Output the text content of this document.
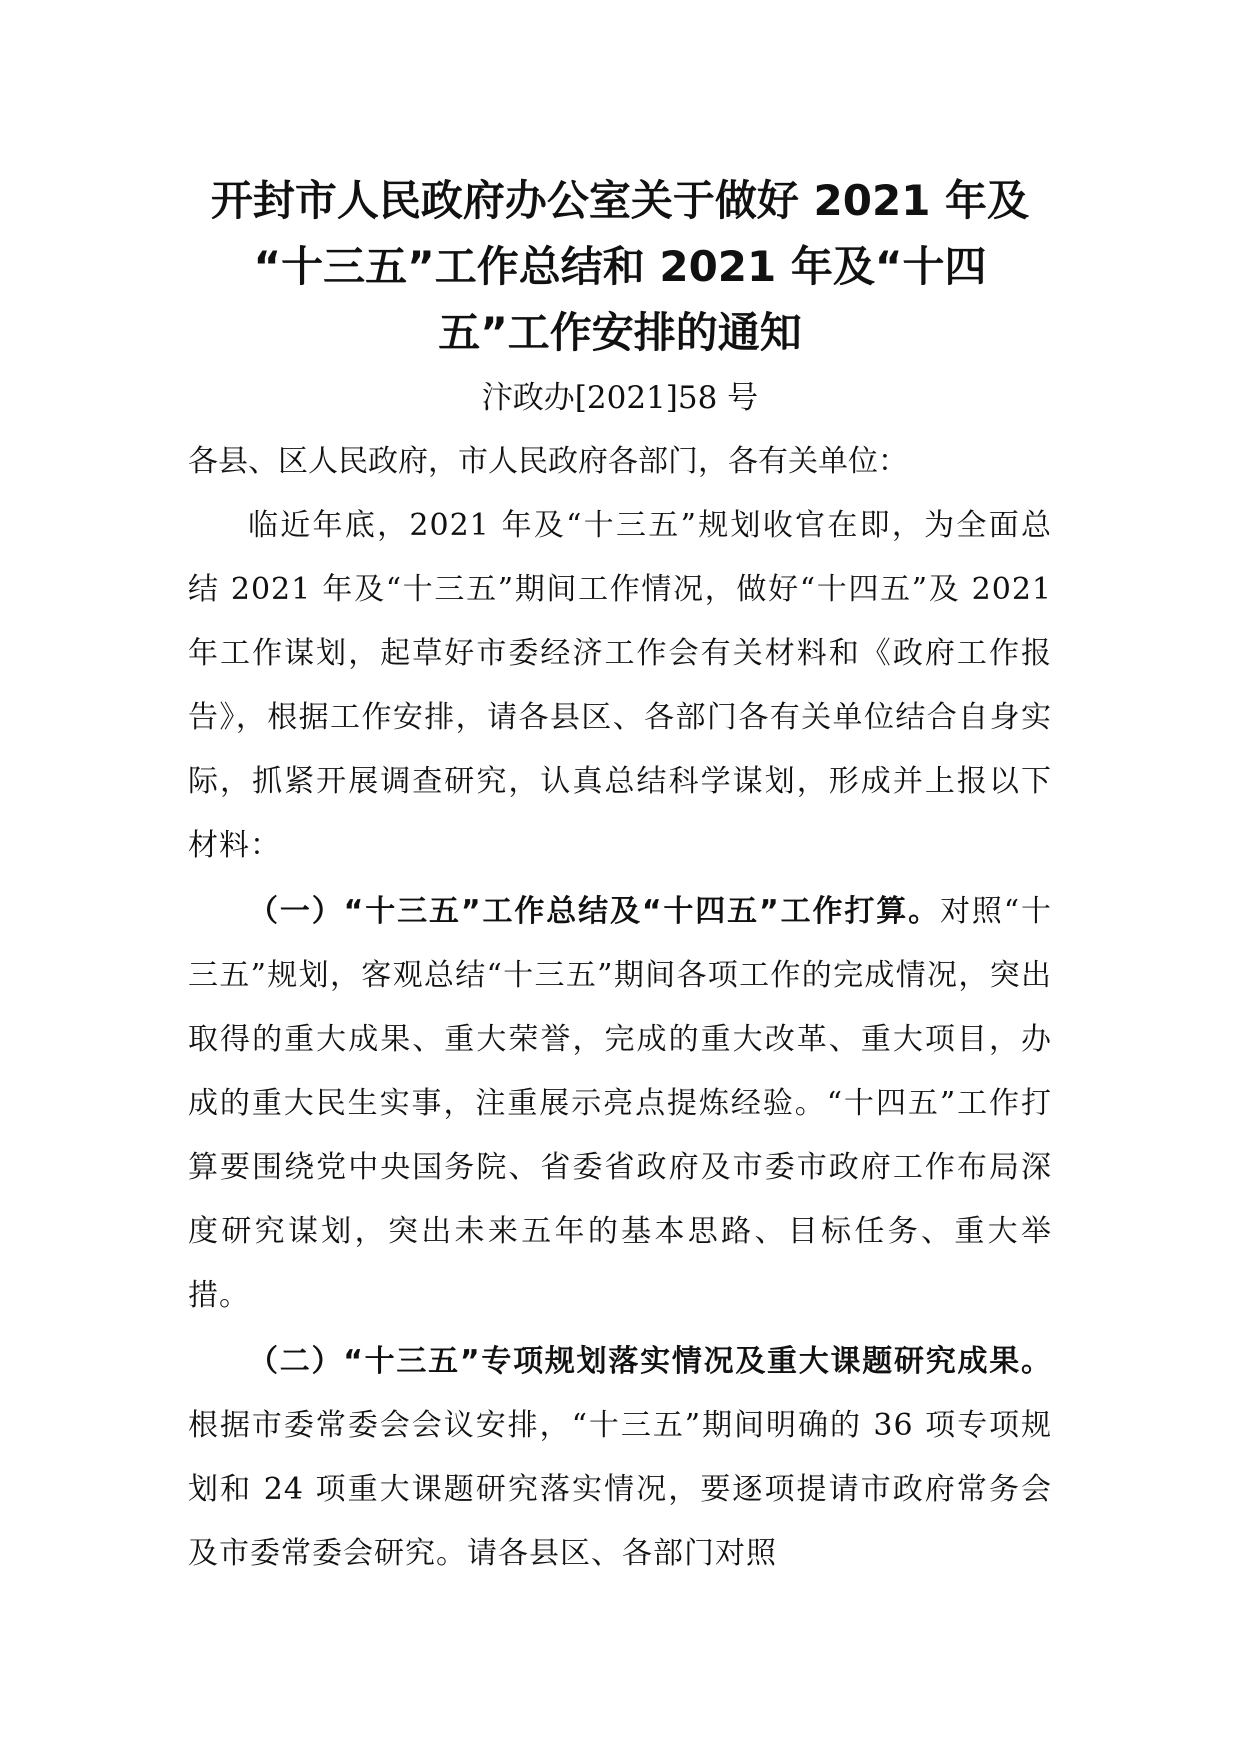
开封市人民政府办公室关于做好 2021 年及
“十三五”工作总结和 2021 年及“十四
五”工作安排的通知
汴政办[2021]58 号

各县、区人民政府，市人民政府各部门，各有关单位：

临近年底，2021 年及“十三五”规划收官在即，为全面总结 2021 年及“十三五”期间工作情况，做好“十四五”及 2021 年工作谋划，起草好市委经济工作会有关材料和《政府工作报告》，根据工作安排，请各县区、各部门各有关单位结合自身实际，抓紧开展调查研究，认真总结科学谋划，形成并上报以下材料：

（一）“十三五”工作总结及“十四五”工作打算。对照“十三五”规划，客观总结“十三五”期间各项工作的完成情况，突出取得的重大成果、重大荣誉，完成的重大改革、重大项目，办成的重大民生实事，注重展示亮点提炼经验。“十四五”工作打算要围绕党中央国务院、省委省政府及市委市政府工作布局深度研究谋划，突出未来五年的基本思路、目标任务、重大举措。

（二）“十三五”专项规划落实情况及重大课题研究成果。根据市委常委会会议安排，“十三五”期间明确的 36 项专项规划和 24 项重大课题研究落实情况，要逐项提请市政府常务会及市委常委会研究。请各县区、各部门对照
